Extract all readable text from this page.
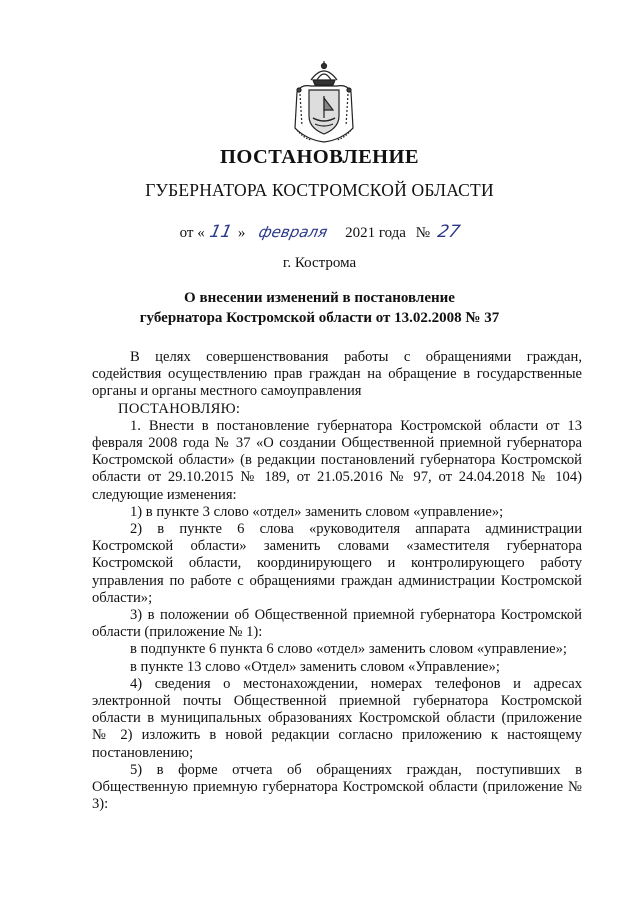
ПОСТАНОВЛЕНИЕ
ГУБЕРНАТОРА КОСТРОМСКОЙ ОБЛАСТИ
от « 11 » февраля 2021 года № 27
г. Кострома
О внесении изменений в постановление
губернатора Костромской области от 13.02.2008 № 37

В целях совершенствования работы с обращениями граждан, содействия осуществлению прав граждан на обращение в государственные органы и органы местного самоуправления

ПОСТАНОВЛЯЮ:

1. Внести в постановление губернатора Костромской области от 13 февраля 2008 года № 37 «О создании Общественной приемной губернатора Костромской области» (в редакции постановлений губернатора Костромской области от 29.10.2015 № 189, от 21.05.2016 № 97, от 24.04.2018 № 104) следующие изменения:

1) в пункте 3 слово «отдел» заменить словом «управление»;

2) в пункте 6 слова «руководителя аппарата администрации Костромской области» заменить словами «заместителя губернатора Костромской области, координирующего и контролирующего работу управления по работе с обращениями граждан администрации Костромской области»;

3) в положении об Общественной приемной губернатора Костромской области (приложение № 1):

в подпункте 6 пункта 6 слово «отдел» заменить словом «управление»;

в пункте 13 слово «Отдел» заменить словом «Управление»;

4) сведения о местонахождении, номерах телефонов и адресах электронной почты Общественной приемной губернатора Костромской области в муниципальных образованиях Костромской области (приложение № 2) изложить в новой редакции согласно приложению к настоящему постановлению;

5) в форме отчета об обращениях граждан, поступивших в Общественную приемную губернатора Костромской области (приложение № 3):
